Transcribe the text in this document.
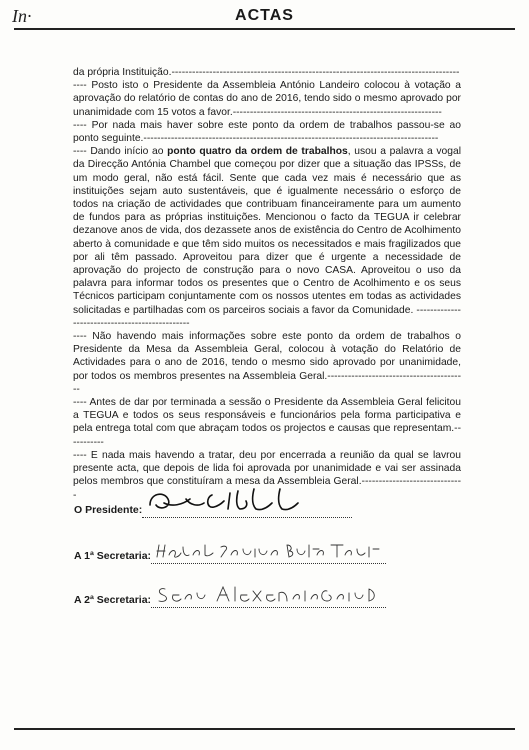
In·	ACTAS

da própria Instituição.------------------------------------------------------------------------------------

---- Posto isto o Presidente da Assembleia António Landeiro colocou à votação a aprovação do relatório de contas do ano de 2016, tendo sido o mesmo aprovado por unanimidade com 15 votos a favor.-------------------------------------------------------------

---- Por nada mais haver sobre este ponto da ordem de trabalhos passou-se ao ponto seguinte.--------------------------------------------------------------------------------------

---- Dando início ao ponto quatro da ordem de trabalhos, usou a palavra a vogal da Direcção Antónia Chambel que começou por dizer que a situação das IPSSs, de um modo geral, não está fácil. Sente que cada vez mais é necessário que as instituições sejam auto sustentáveis, que é igualmente necessário o esforço de todos na criação de actividades que contribuam financeiramente para um aumento de fundos para as próprias instituições. Mencionou o facto da TEGUA ir celebrar dezanove anos de vida, dos dezassete anos de existência do Centro de Acolhimento aberto à comunidade e que têm sido muitos os necessitados e mais fragilizados que por ali têm passado. Aproveitou para dizer que é urgente a necessidade de aprovação do projecto de construção para o novo CASA. Aproveitou o uso da palavra para informar todos os presentes que o Centro de Acolhimento e os seus Técnicos participam conjuntamente com os nossos utentes em todas as actividades solicitadas e partilhadas com os parceiros sociais a favor da Comunidade. -----------------------------------------------

---- Não havendo mais informações sobre este ponto da ordem de trabalhos o Presidente da Mesa da Assembleia Geral, colocou à votação do Relatório de Actividades para o ano de 2016, tendo o mesmo sido aprovado por unanimidade, por todos os membros presentes na Assembleia Geral.-----------------------------------------

---- Antes de dar por terminada a sessão o Presidente da Assembleia Geral felicitou a TEGUA e todos os seus responsáveis e funcionários pela forma participativa e pela entrega total com que abraçam todos os projectos e causas que representam.-----------

---- E nada mais havendo a tratar, deu por encerrada a reunião da qual se lavrou presente acta, que depois de lida foi aprovada por unanimidade e vai ser assinada pelos membros que constituíram a mesa da Assembleia Geral.------------------------------

O Presidente:
A 1ª Secretaria:
A 2ª Secretaria:
